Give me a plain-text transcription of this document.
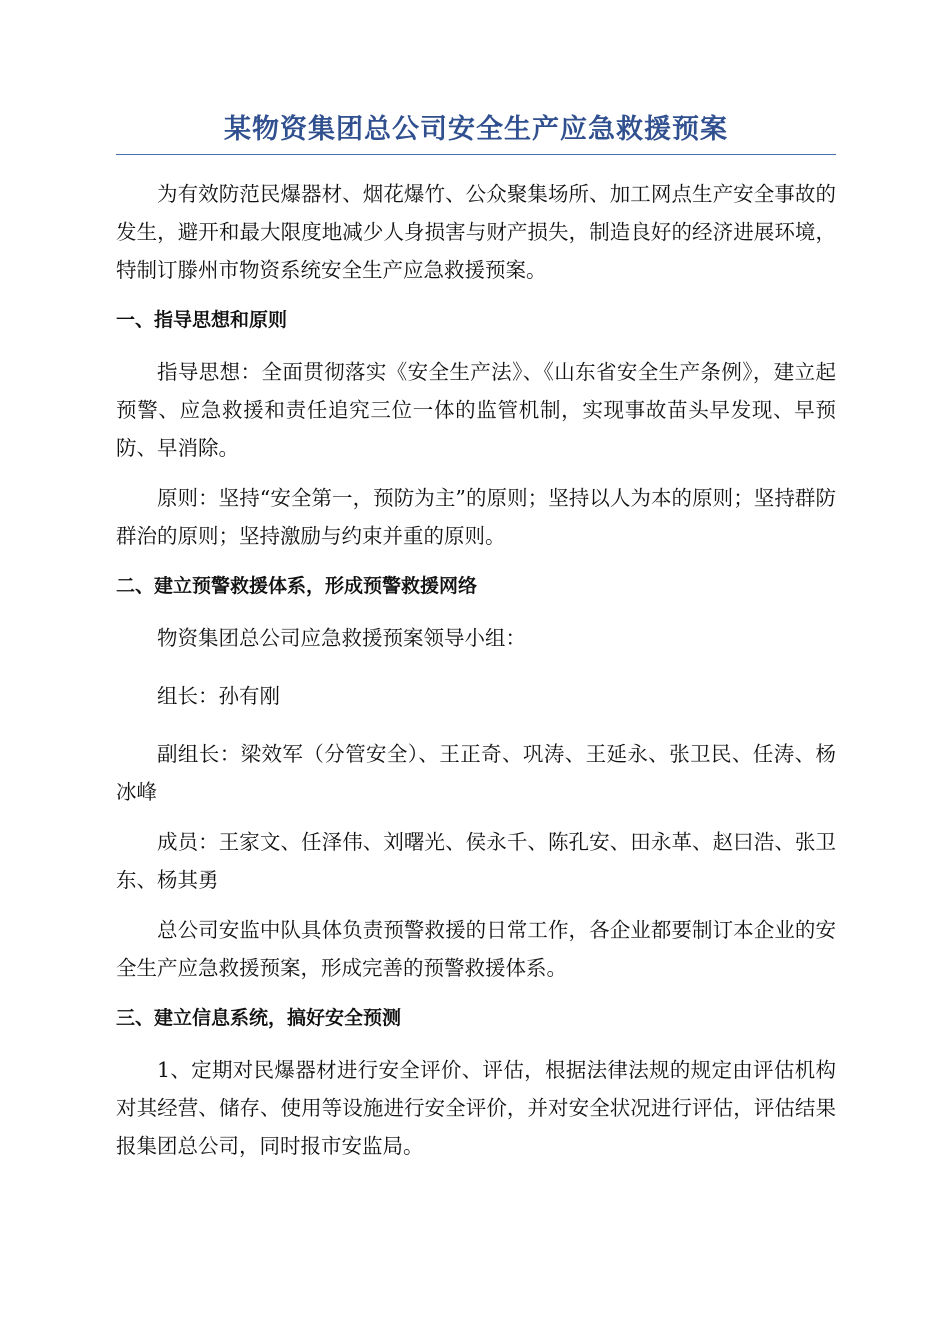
某物资集团总公司安全生产应急救援预案

为有效防范民爆器材、烟花爆竹、公众聚集场所、加工网点生产安全事故的发生，避开和最大限度地减少人身损害与财产损失，制造良好的经济进展环境，特制订滕州市物资系统安全生产应急救援预案。

一、指导思想和原则

指导思想：全面贯彻落实《安全生产法》、《山东省安全生产条例》，建立起预警、应急救援和责任追究三位一体的监管机制，实现事故苗头早发现、早预防、早消除。

原则：坚持“安全第一，预防为主”的原则；坚持以人为本的原则；坚持群防群治的原则；坚持激励与约束并重的原则。

二、建立预警救援体系，形成预警救援网络

物资集团总公司应急救援预案领导小组：

组长：孙有刚

副组长：梁效军（分管安全）、王正奇、巩涛、王延永、张卫民、任涛、杨冰峰

成员：王家文、任泽伟、刘曙光、侯永千、陈孔安、田永革、赵曰浩、张卫东、杨其勇

总公司安监中队具体负责预警救援的日常工作，各企业都要制订本企业的安全生产应急救援预案，形成完善的预警救援体系。

三、建立信息系统，搞好安全预测

1、定期对民爆器材进行安全评价、评估，根据法律法规的规定由评估机构对其经营、储存、使用等设施进行安全评价，并对安全状况进行评估，评估结果报集团总公司，同时报市安监局。
